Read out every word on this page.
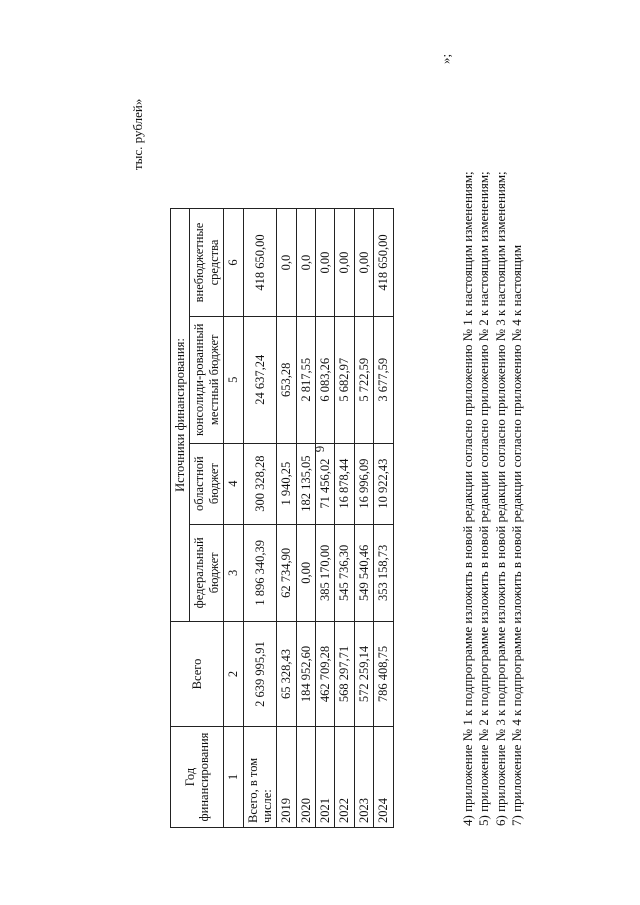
6
тыс. рублей»
Год финансирования	Всего	Источники финансирования:			
		федеральный бюджет	областной бюджет	консолиди-рованный местный бюджет	внебюджетные средства
1	2	3	4	5	6
Всего, в том числе:	2 639 995,91	1 896 340,39	300 328,28	24 637,24	418 650,00
2019	65 328,43	62 734,90	1 940,25	653,28	0,0
2020	184 952,60	0,00	182 135,05	2 817,55	0,0
2021	462 709,28	385 170,00	71 456,02	6 083,26	0,00
2022	568 297,71	545 736,30	16 878,44	5 682,97	0,00
2023	572 259,14	549 540,46	16 996,09	5 722,59	0,00
2024	786 408,75	353 158,73	10 922,43	3 677,59	418 650,00
»;

4) приложение № 1 к подпрограмме изложить в новой редакции согласно приложению № 1 к настоящим изменениям; 5) приложение № 2 к подпрограмме изложить в новой редакции согласно приложению № 2 к настоящим изменениям; 6) приложение № 3 к подпрограмме изложить в новой редакции согласно приложению № 3 к настоящим изменениям; 7) приложение № 4 к подпрограмме изложить в новой редакции согласно приложению № 4 к настоящим
